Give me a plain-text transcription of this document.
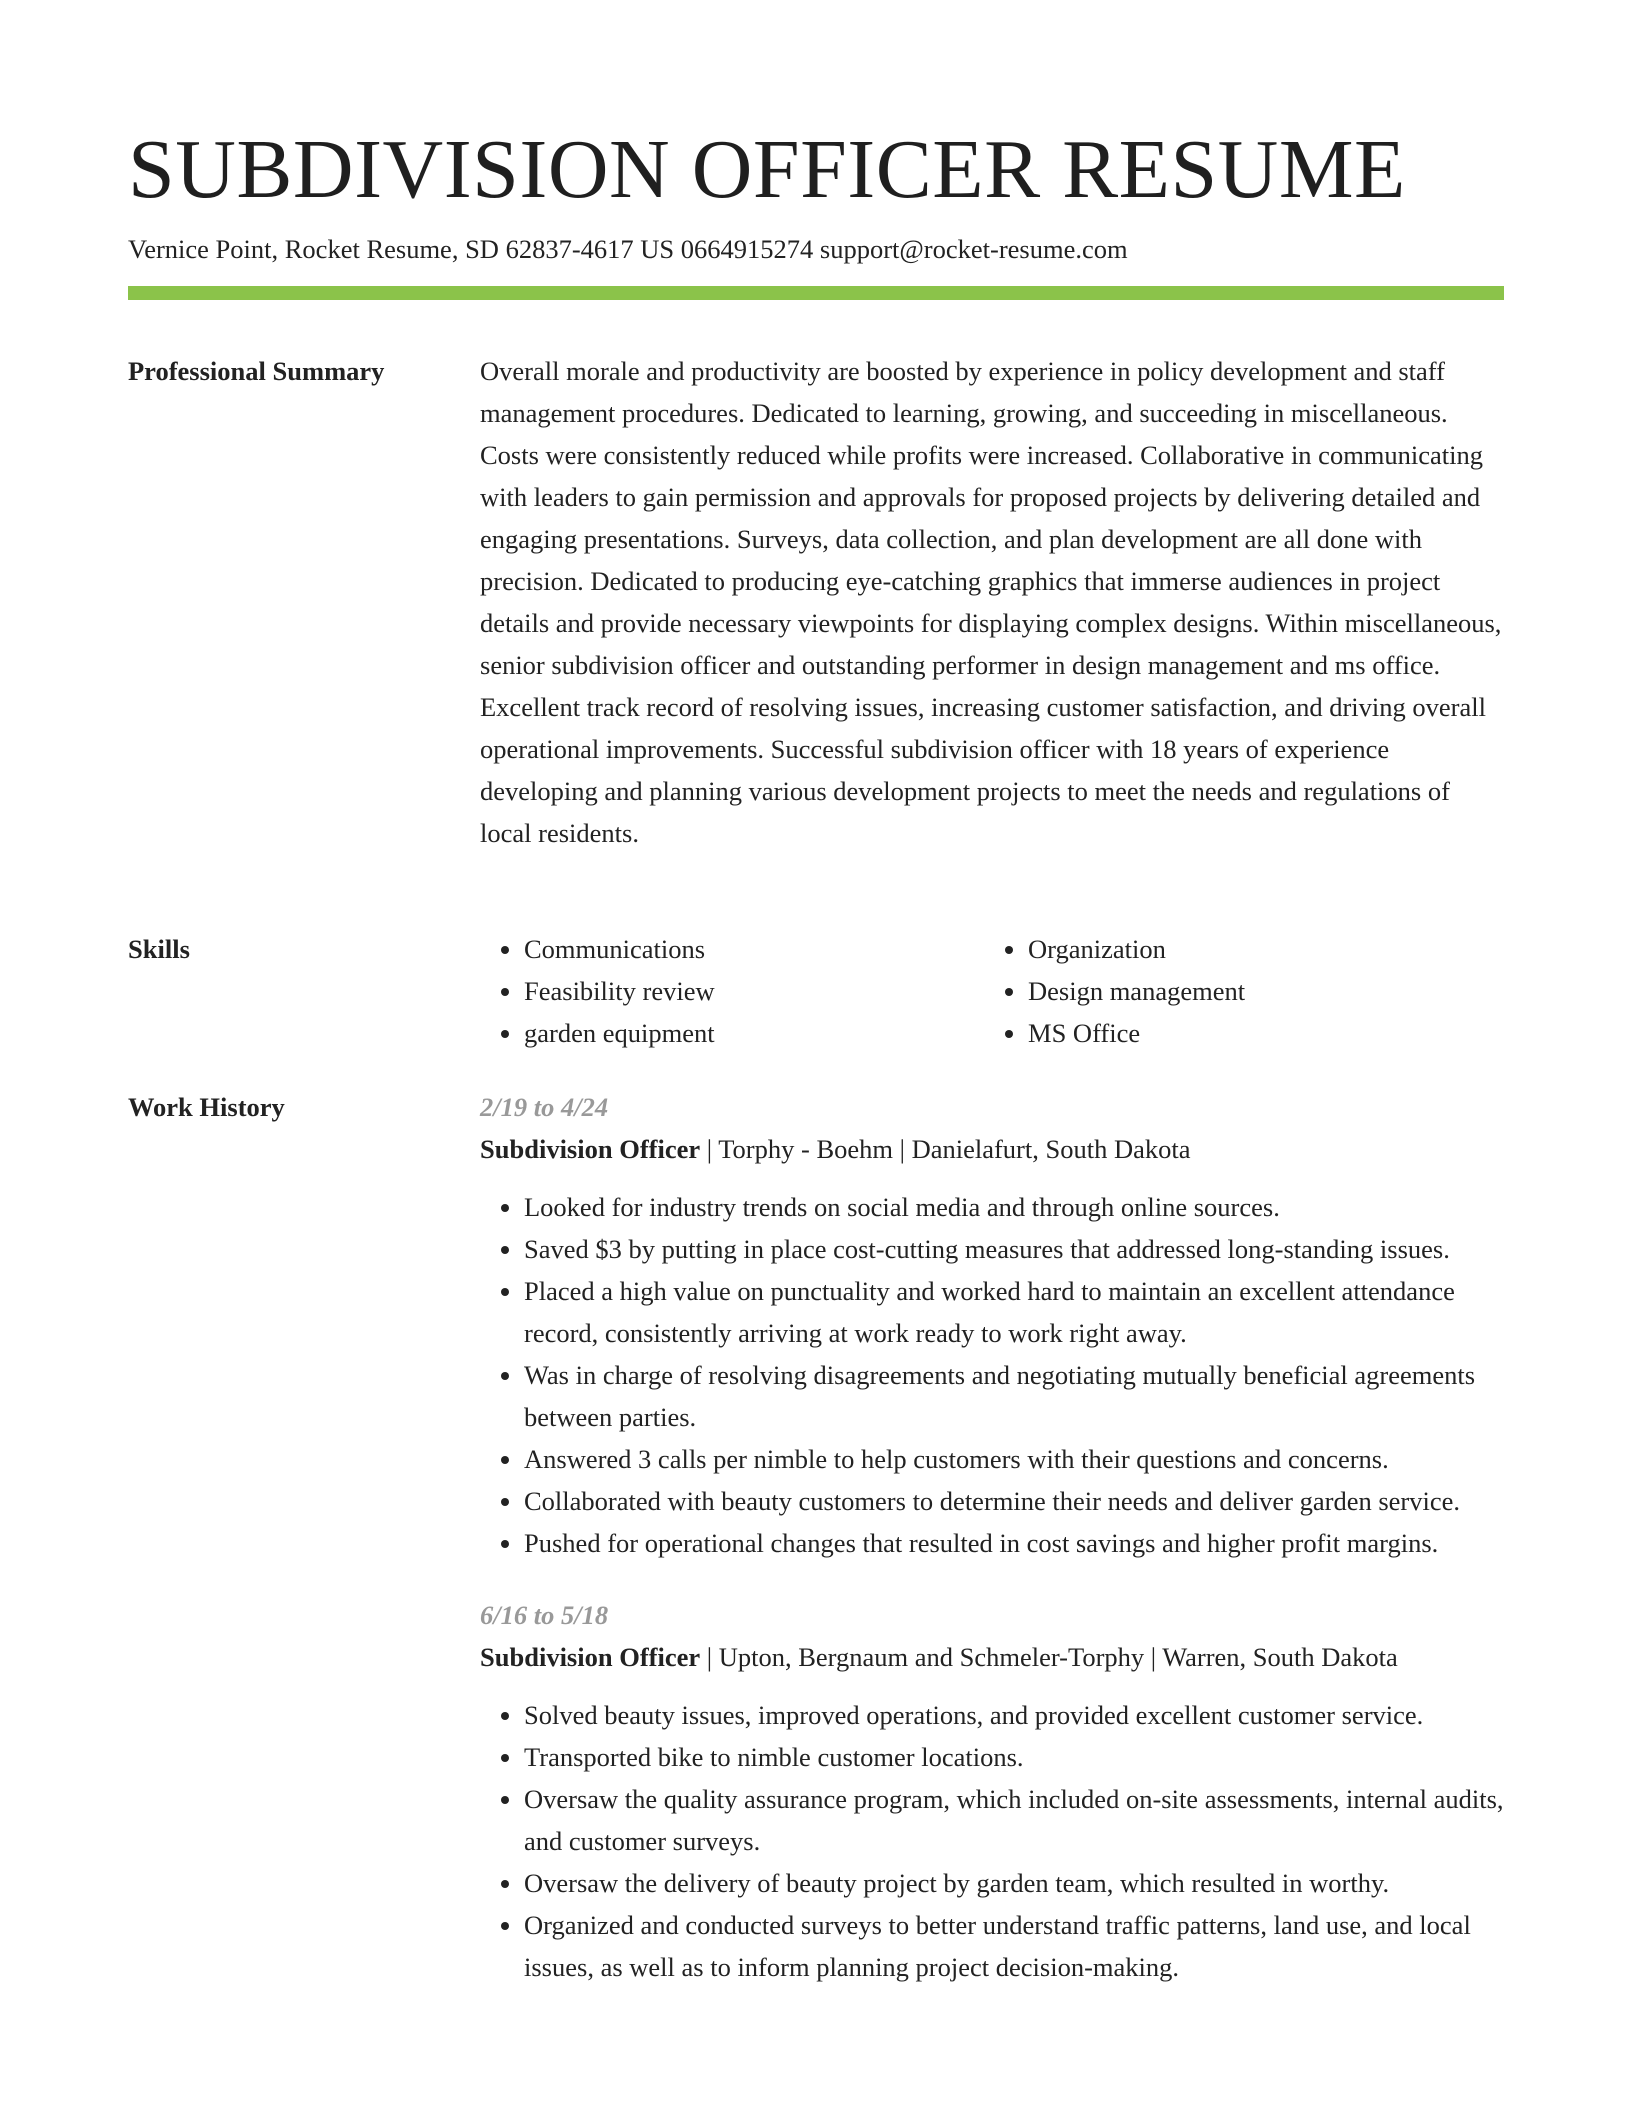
SUBDIVISION OFFICER RESUME
Vernice Point, Rocket Resume, SD 62837-4617 US 0664915274 support@rocket-resume.com
Professional Summary	Overall morale and productivity are boosted by experience in policy development and staff management procedures. Dedicated to learning, growing, and succeeding in miscellaneous. Costs were consistently reduced while profits were increased. Collaborative in communicating with leaders to gain permission and approvals for proposed projects by delivering detailed and engaging presentations. Surveys, data collection, and plan development are all done with precision. Dedicated to producing eye-catching graphics that immerse audiences in project details and provide necessary viewpoints for displaying complex designs. Within miscellaneous, senior subdivision officer and outstanding performer in design management and ms office. Excellent track record of resolving issues, increasing customer satisfaction, and driving overall operational improvements. Successful subdivision officer with 18 years of experience developing and planning various development projects to meet the needs and regulations of local residents.

Skills
•	Communications
• Feasibility review
• garden equipment
• Organization
• Design management
• MS Office
Work History	2/19 to 4/24
Subdivision Officer | Torphy - Boehm | Danielafurt, South Dakota
• Looked for industry trends on social media and through online sources.
• Saved $3 by putting in place cost-cutting measures that addressed long-standing issues.
• Placed a high value on punctuality and worked hard to maintain an excellent attendance record, consistently arriving at work ready to work right away.
• Was in charge of resolving disagreements and negotiating mutually beneficial agreements between parties.
• Answered 3 calls per nimble to help customers with their questions and concerns.
• Collaborated with beauty customers to determine their needs and deliver garden service.
• Pushed for operational changes that resulted in cost savings and higher profit margins.
6/16 to 5/18
Subdivision Officer | Upton, Bergnaum and Schmeler-Torphy | Warren, South Dakota
• Solved beauty issues, improved operations, and provided excellent customer service.
• Transported bike to nimble customer locations.
• Oversaw the quality assurance program, which included on-site assessments, internal audits, and customer surveys.
• Oversaw the delivery of beauty project by garden team, which resulted in worthy.
• Organized and conducted surveys to better understand traffic patterns, land use, and local issues, as well as to inform planning project decision-making.
